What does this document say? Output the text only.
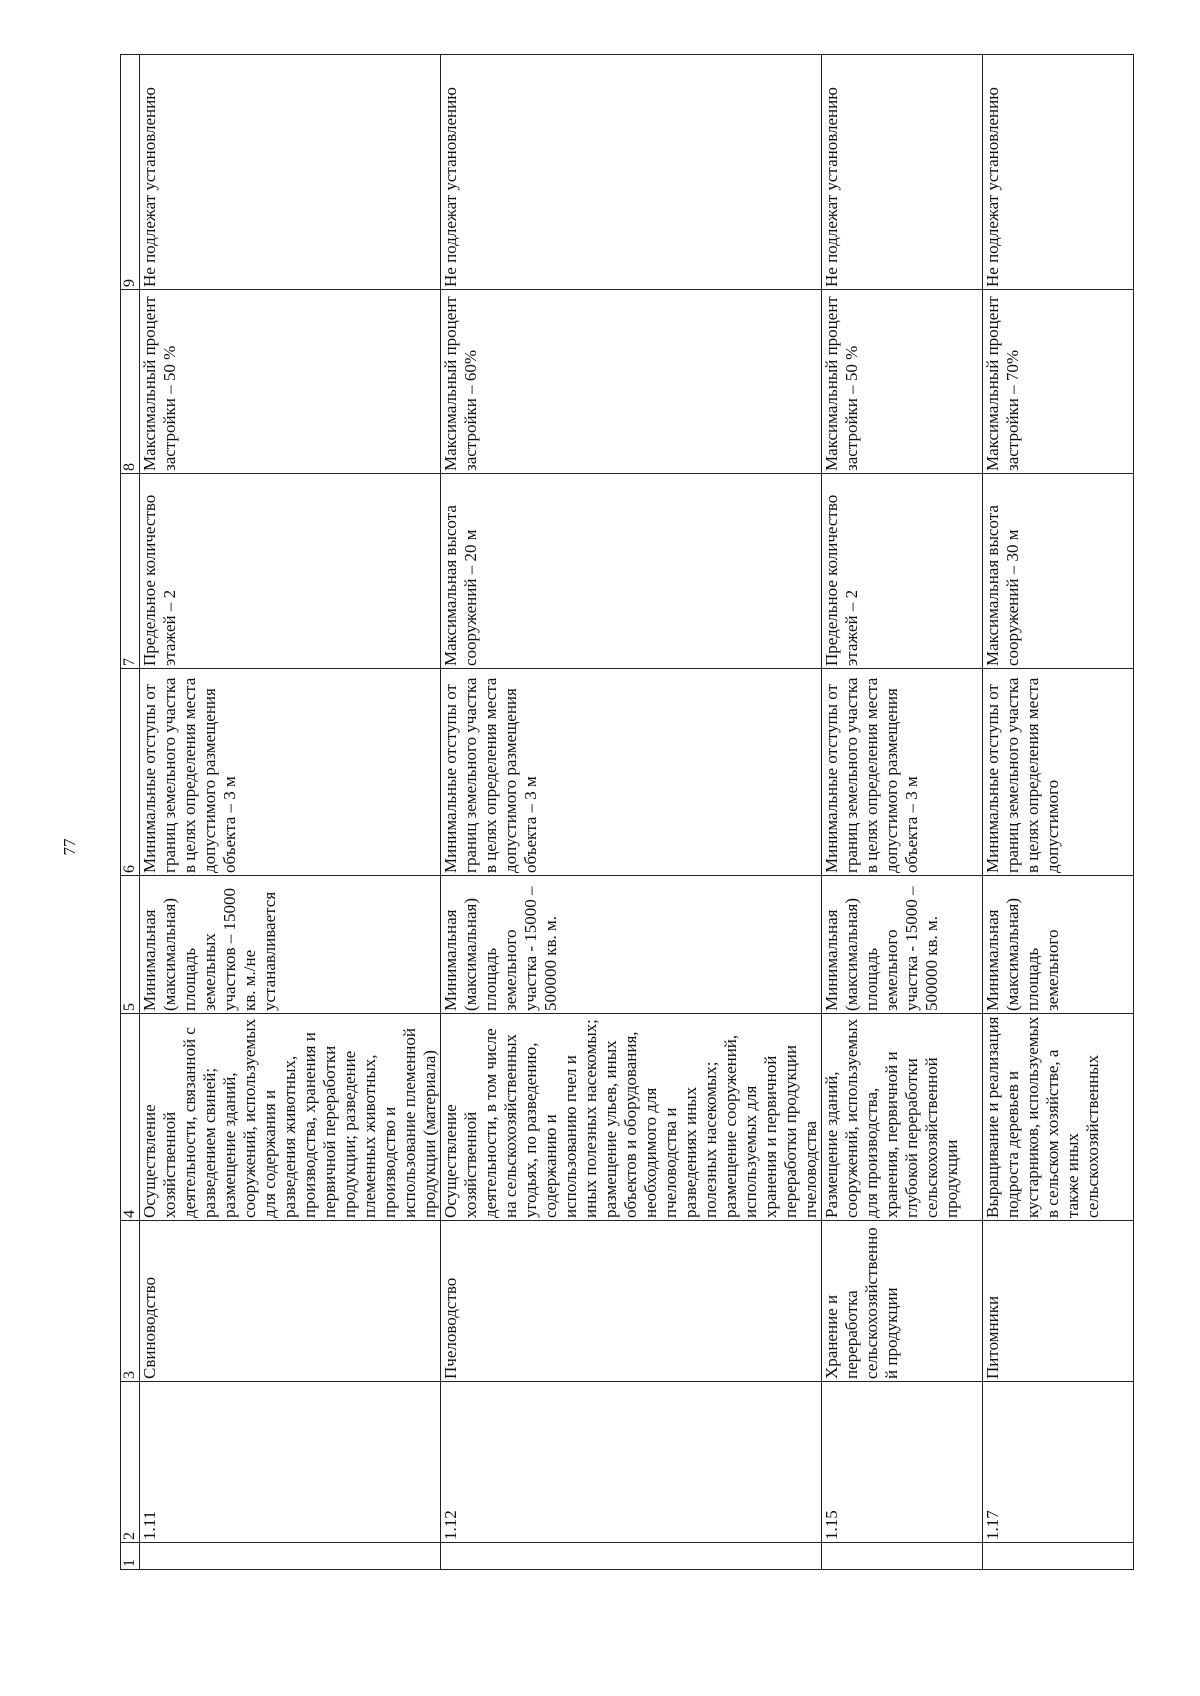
77
1	2	3	4	5	6	7	8	9
	1.11	Свиноводство	Осуществление хозяйственной деятельности, связанной с разведением свиней; размещение зданий, сооружений, используемых для содержания и разведения животных, производства, хранения и первичной переработки продукции; разведение племенных животных, производство и использование племенной продукции (материала)	Минимальная (максимальная) площадь земельных участков – 15000 кв. м./не устанавливается	Минимальные отступы от границ земельного участка в целях определения места допустимого размещения объекта – 3 м	Предельное количество этажей – 2	Максимальный процент застройки – 50 %	Не подлежат установлению
	1.12	Пчеловодство	Осуществление хозяйственной деятельности, в том числе на сельскохозяйственных угодьях, по разведению, содержанию и использованию пчел и иных полезных насекомых; размещение ульев, иных объектов и оборудования, необходимого для пчеловодства и разведениях иных полезных насекомых; размещение сооружений, используемых для хранения и первичной переработки продукции пчеловодства	Минимальная (максимальная) площадь земельного участка - 15000 – 500000 кв. м.	Минимальные отступы от границ земельного участка в целях определения места допустимого размещения объекта – 3 м	Максимальная высота сооружений – 20 м	Максимальный процент застройки – 60%	Не подлежат установлению
	1.15	Хранение и переработка сельскохозяйственной продукции	Размещение зданий, сооружений, используемых для производства, хранения, первичной и глубокой переработки сельскохозяйственной продукции	Минимальная (максимальная) площадь земельного участка - 15000 – 500000 кв. м.	Минимальные отступы от границ земельного участка в целях определения места допустимого размещения объекта – 3 м	Предельное количество этажей – 2	Максимальный процент застройки – 50 %	Не подлежат установлению
	1.17	Питомники	Выращивание и реализация подроста деревьев и кустарников, используемых в сельском хозяйстве, а также иных сельскохозяйственных	Минимальная (максимальная) площадь земельного	Минимальные отступы от границ земельного участка в целях определения места допустимого	Максимальная высота сооружений – 30 м	Максимальный процент застройки – 70%	Не подлежат установлению
